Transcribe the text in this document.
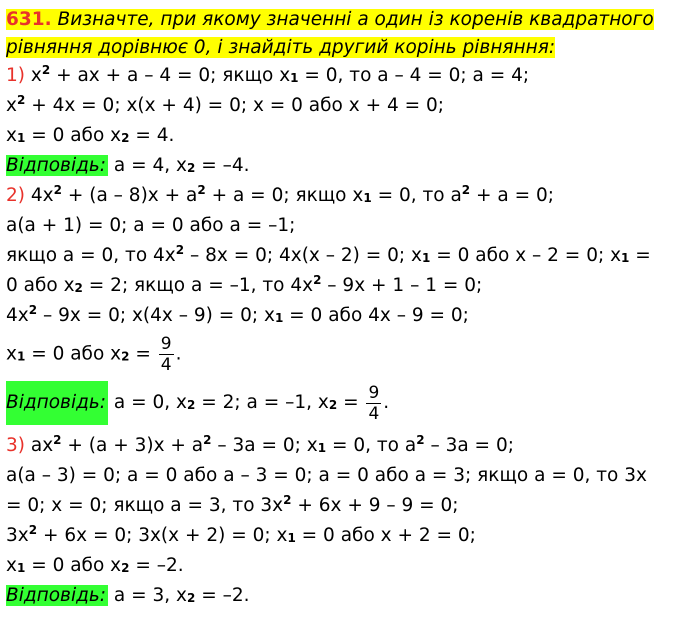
631. Визначте, при якому значенні a один із коренів квадратного
рівняння дорівнює 0, і знайдіть другий корінь рівняння:
1) $x^2$ + ax + a – 4 = 0; якщо $x_1 = 0$, то a – 4 = 0; a = 4;
$x^2 + 4x = 0$; x(x + 4) = 0; x = 0 або x + 4 = 0;
$x_1 = 0$ або $x_2 = 4$.
Відповідь: a = 4, $x_2 = -4$.
2) $4x^2 + (a - 8)x + a^2 + a = 0$; якщо $x_1 = 0$, то $a^2 + a = 0$;
a(a + 1) = 0; a = 0 або a = –1;
якщо a = 0, то $4x^2 - 8x = 0$; 4x(x – 2) = 0; $x_1 = 0$ або x – 2 = 0; $x_1$ =
0 або $x_2 = 2$; якщо a = –1, то $4x^2 - 9x + 1 - 1 = 0$;
$4x^2 - 9x = 0$; x(4x – 9) = 0; $x_1 = 0$ або 4x – 9 = 0;
$x_1 = 0$ або $x_2 = \frac{9}{4}$ .
Відповідь: a = 0, $x_2 = 2$; a = –1, $x_2 = \frac{9}{4}$ .
3) $ax^2 + (a + 3)x + a^2 - 3a = 0$; $x_1 = 0$, то $a^2 - 3a = 0$;
a(a – 3) = 0; a = 0 або a – 3 = 0; a = 0 або a = 3; якщо a = 0, то 3x
= 0; x = 0; якщо a = 3, то $3x^2 + 6x + 9 - 9 = 0$;
$3x^2 + 6x = 0$; 3x(x + 2) = 0; $x_1 = 0$ або x + 2 = 0;
$x_1 = 0$ або $x_2 = -2$.
Відповідь: a = 3, $x_2 = -2$.
